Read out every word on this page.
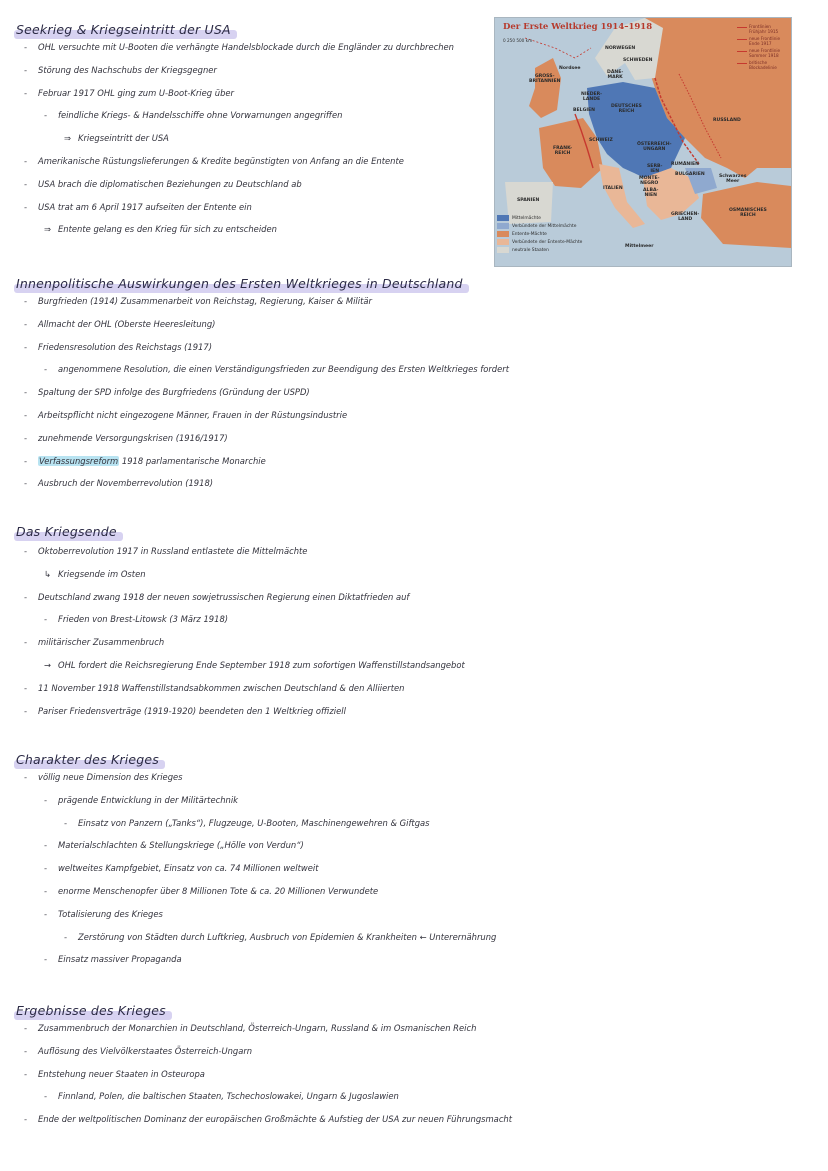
Seekrieg & Kriegseintritt der USA
- OHL versuchte mit U-Booten die verhängte Handelsblockade durch die Engländer zu durchbrechen
- Störung des Nachschubs der Kriegsgegner
- Februar 1917 OHL ging zum U-Boot-Krieg über
- feindliche Kriegs- & Handelsschiffe ohne Vorwarnungen angegriffen
⇒ Kriegseintritt der USA
- Amerikanische Rüstungslieferungen & Kredite begünstigten von Anfang an die Entente
- USA brach die diplomatischen Beziehungen zu Deutschland ab
- USA trat am 6 April 1917 aufseiten der Entente ein
⇒ Entente gelang es den Krieg für sich zu entscheiden
Innenpolitische Auswirkungen des Ersten Weltkrieges in Deutschland
- Burgfrieden (1914) Zusammenarbeit von Reichstag, Regierung, Kaiser & Militär
- Allmacht der OHL (Oberste Heeresleitung)
- Friedensresolution des Reichstags (1917)
- angenommene Resolution, die einen Verständigungsfrieden zur Beendigung des Ersten Weltkrieges fordert
- Spaltung der SPD infolge des Burgfriedens (Gründung der USPD)
- Arbeitspflicht nicht eingezogene Männer, Frauen in der Rüstungsindustrie
- zunehmende Versorgungskrisen (1916/1917)
- Verfassungsreform 1918 parlamentarische Monarchie
- Ausbruch der Novemberrevolution (1918)
Das Kriegsende
- Oktoberrevolution 1917 in Russland entlastete die Mittelmächte
↳ Kriegsende im Osten
- Deutschland zwang 1918 der neuen sowjetrussischen Regierung einen Diktatfrieden auf
- Frieden von Brest-Litowsk (3 März 1918)
- militärischer Zusammenbruch
→ OHL fordert die Reichsregierung Ende September 1918 zum sofortigen Waffenstillstandsangebot
- 11 November 1918 Waffenstillstandsabkommen zwischen Deutschland & den Alliierten
- Pariser Friedensverträge (1919-1920) beendeten den 1 Weltkrieg offiziell
Charakter des Krieges
- völlig neue Dimension des Krieges
- prägende Entwicklung in der Militärtechnik
- Einsatz von Panzern („Tanks“), Flugzeuge, U-Booten, Maschinengewehren & Giftgas
- Materialschlachten & Stellungskriege („Hölle von Verdun“)
- weltweites Kampfgebiet, Einsatz von ca. 74 Millionen weltweit
- enorme Menschenopfer über 8 Millionen Tote & ca. 20 Millionen Verwundete
- Totalisierung des Krieges
- Zerstörung von Städten durch Luftkrieg, Ausbruch von Epidemien & Krankheiten ← Unterernährung
- Einsatz massiver Propaganda
Ergebnisse des Krieges
- Zusammenbruch der Monarchien in Deutschland, Österreich-Ungarn, Russland & im Osmanischen Reich
- Auflösung des Vielvölkerstaates Österreich-Ungarn
- Entstehung neuer Staaten in Osteuropa
- Finnland, Polen, die baltischen Staaten, Tschechoslowakei, Ungarn & Jugoslawien
- Ende der weltpolitischen Dominanz der europäischen Großmächte & Aufstieg der USA zur neuen Führungsmacht
Der Erste Weltkrieg 1914–1918
0 250 500 km
NORWEGEN
SCHWEDEN
GROSS-
BRITANNIEN
DÄNE-
MARK
NIEDER-
LANDE
BELGIEN
DEUTSCHES
REICH
RUSSLAND
FRANK-
REICH
SCHWEIZ
ÖSTERREICH-
UNGARN
RUMÄNIEN
SERB-
IEN
BULGARIEN
ITALIEN
MONTE-
NEGRO
ALBA-
NIEN
SPANIEN
GRIECHEN-
LAND
OSMANISCHES
REICH
Schwarzes
Meer
Mittelmeer
Nordsee
Mittelmächte
Verbündete der Mittelmächte
Entente-Mächte
Verbündete der Entente-Mächte
neutrale Staaten
Frontlinien
Frühjahr 1915
neue Frontlinie
Ende 1917
neue Frontlinie
Sommer 1918
britische
Blockadelinie
